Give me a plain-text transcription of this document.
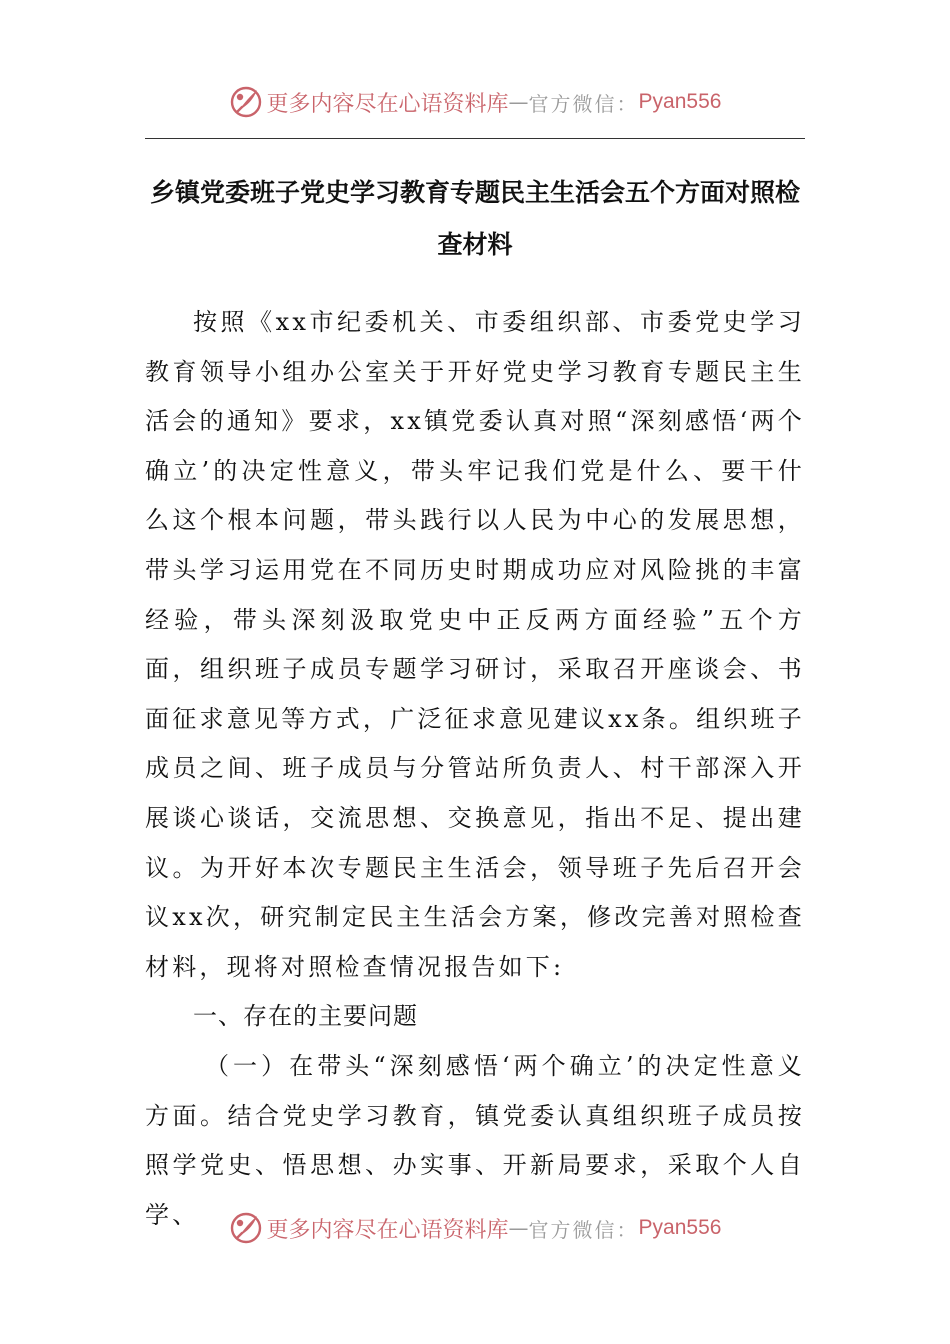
更多内容尽在心语资料库 — 官方微信： Pyan556
乡镇党委班子党史学习教育专题民主生活会五个方面对照检查材料

按照《xx市纪委机关、市委组织部、市委党史学习教育领导小组办公室关于开好党史学习教育专题民主生活会的通知》要求，xx镇党委认真对照“深刻感悟‘两个确立’的决定性意义，带头牢记我们党是什么、要干什么这个根本问题，带头践行以人民为中心的发展思想，带头学习运用党在不同历史时期成功应对风险挑的丰富经验，带头深刻汲取党史中正反两方面经验”五个方面，组织班子成员专题学习研讨，采取召开座谈会、书面征求意见等方式，广泛征求意见建议xx条。组织班子成员之间、班子成员与分管站所负责人、村干部深入开展谈心谈话，交流思想、交换意见，指出不足、提出建议。为开好本次专题民主生活会，领导班子先后召开会议xx次，研究制定民主生活会方案，修改完善对照检查材料，现将对照检查情况报告如下:

一、存在的主要问题

（一）在带头“深刻感悟‘两个确立’的决定性意义方面。结合党史学习教育，镇党委认真组织班子成员按照学党史、悟思想、办实事、开新局要求，采取个人自学、

更多内容尽在心语资料库 — 官方微信： Pyan556
